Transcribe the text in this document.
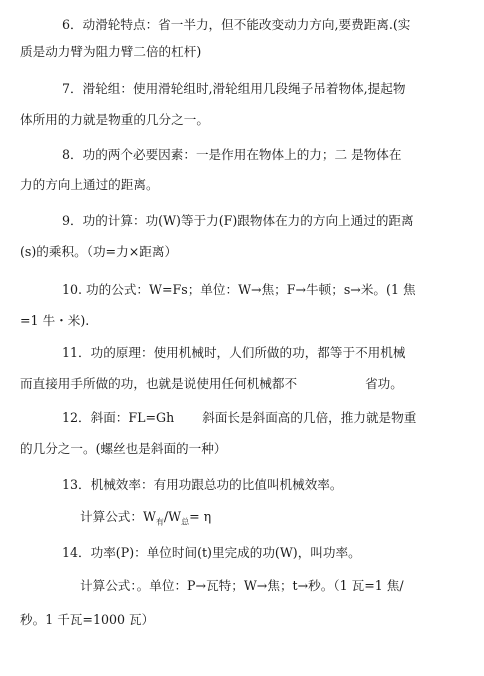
6．动滑轮特点：省一半力，但不能改变动力方向,要费距离.(实
质是动力臂为阻力臂二倍的杠杆)
7．滑轮组：使用滑轮组时,滑轮组用几段绳子吊着物体,提起物
体所用的力就是物重的几分之一。
8．功的两个必要因素：一是作用在物体上的力；二 是物体在
力的方向上通过的距离。
9．功的计算：功(W)等于力(F)跟物体在力的方向上通过的距离
(s)的乘积。（功=力×距离）
10. 功的公式：W=Fs；单位：W→焦；F→牛顿；s→米。(1 焦
=1 牛・米).
11．功的原理：使用机械时，人们所做的功，都等于不用机械
而直接用手所做的功，也就是说使用任何机械都不	省功。
12．斜面：FL=Gh 斜面长是斜面高的几倍，推力就是物重
的几分之一。(螺丝也是斜面的一种）
13．机械效率：有用功跟总功的比值叫机械效率。
计算公式：$W_有/W_总= \eta$
14．功率(P)：单位时间(t)里完成的功(W)，叫功率。
计算公式：。单位：P→瓦特；W→焦；t→秒。（1 瓦=1 焦/
秒。1 千瓦=1000 瓦）
